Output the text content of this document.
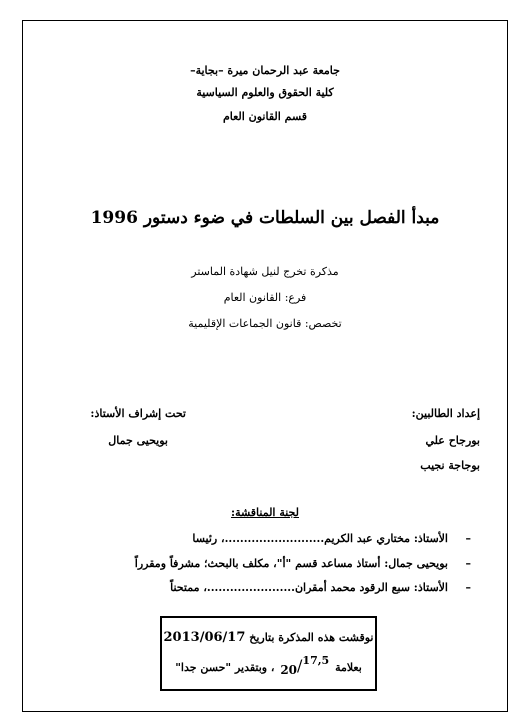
جامعة عبد الرحمان ميرة –بجاية–
كلية الحقوق والعلوم السياسية
قسم القانون العام
مبدأ الفصل بين السلطات في ضوء دستور 1996
مذكرة تخرج لنيل شهادة الماستر
فرع: القانون العام
تخصص: قانون الجماعات الإقليمية
إعداد الطالبين:
بورجاح علي
بوجاجة نجيب
تحت إشراف الأستاذ:
بويحيى جمال
لجنة المناقشة:
–
الأستاذ: مختاري عبد الكريم..........................، رئيسا
–
بويحيى جمال: أستاذ مساعد قسم "أ"، مكلف بالبحث؛ مشرفاً ومقرراً
–
الأستاذ: سبع الرقود محمد أمقران.......................، ممتحناً
نوقشت هذه المذكرة بتاريخ 2013/06/17
بعلامة 20/17,5 ، وبتقدير "حسن جدا"
